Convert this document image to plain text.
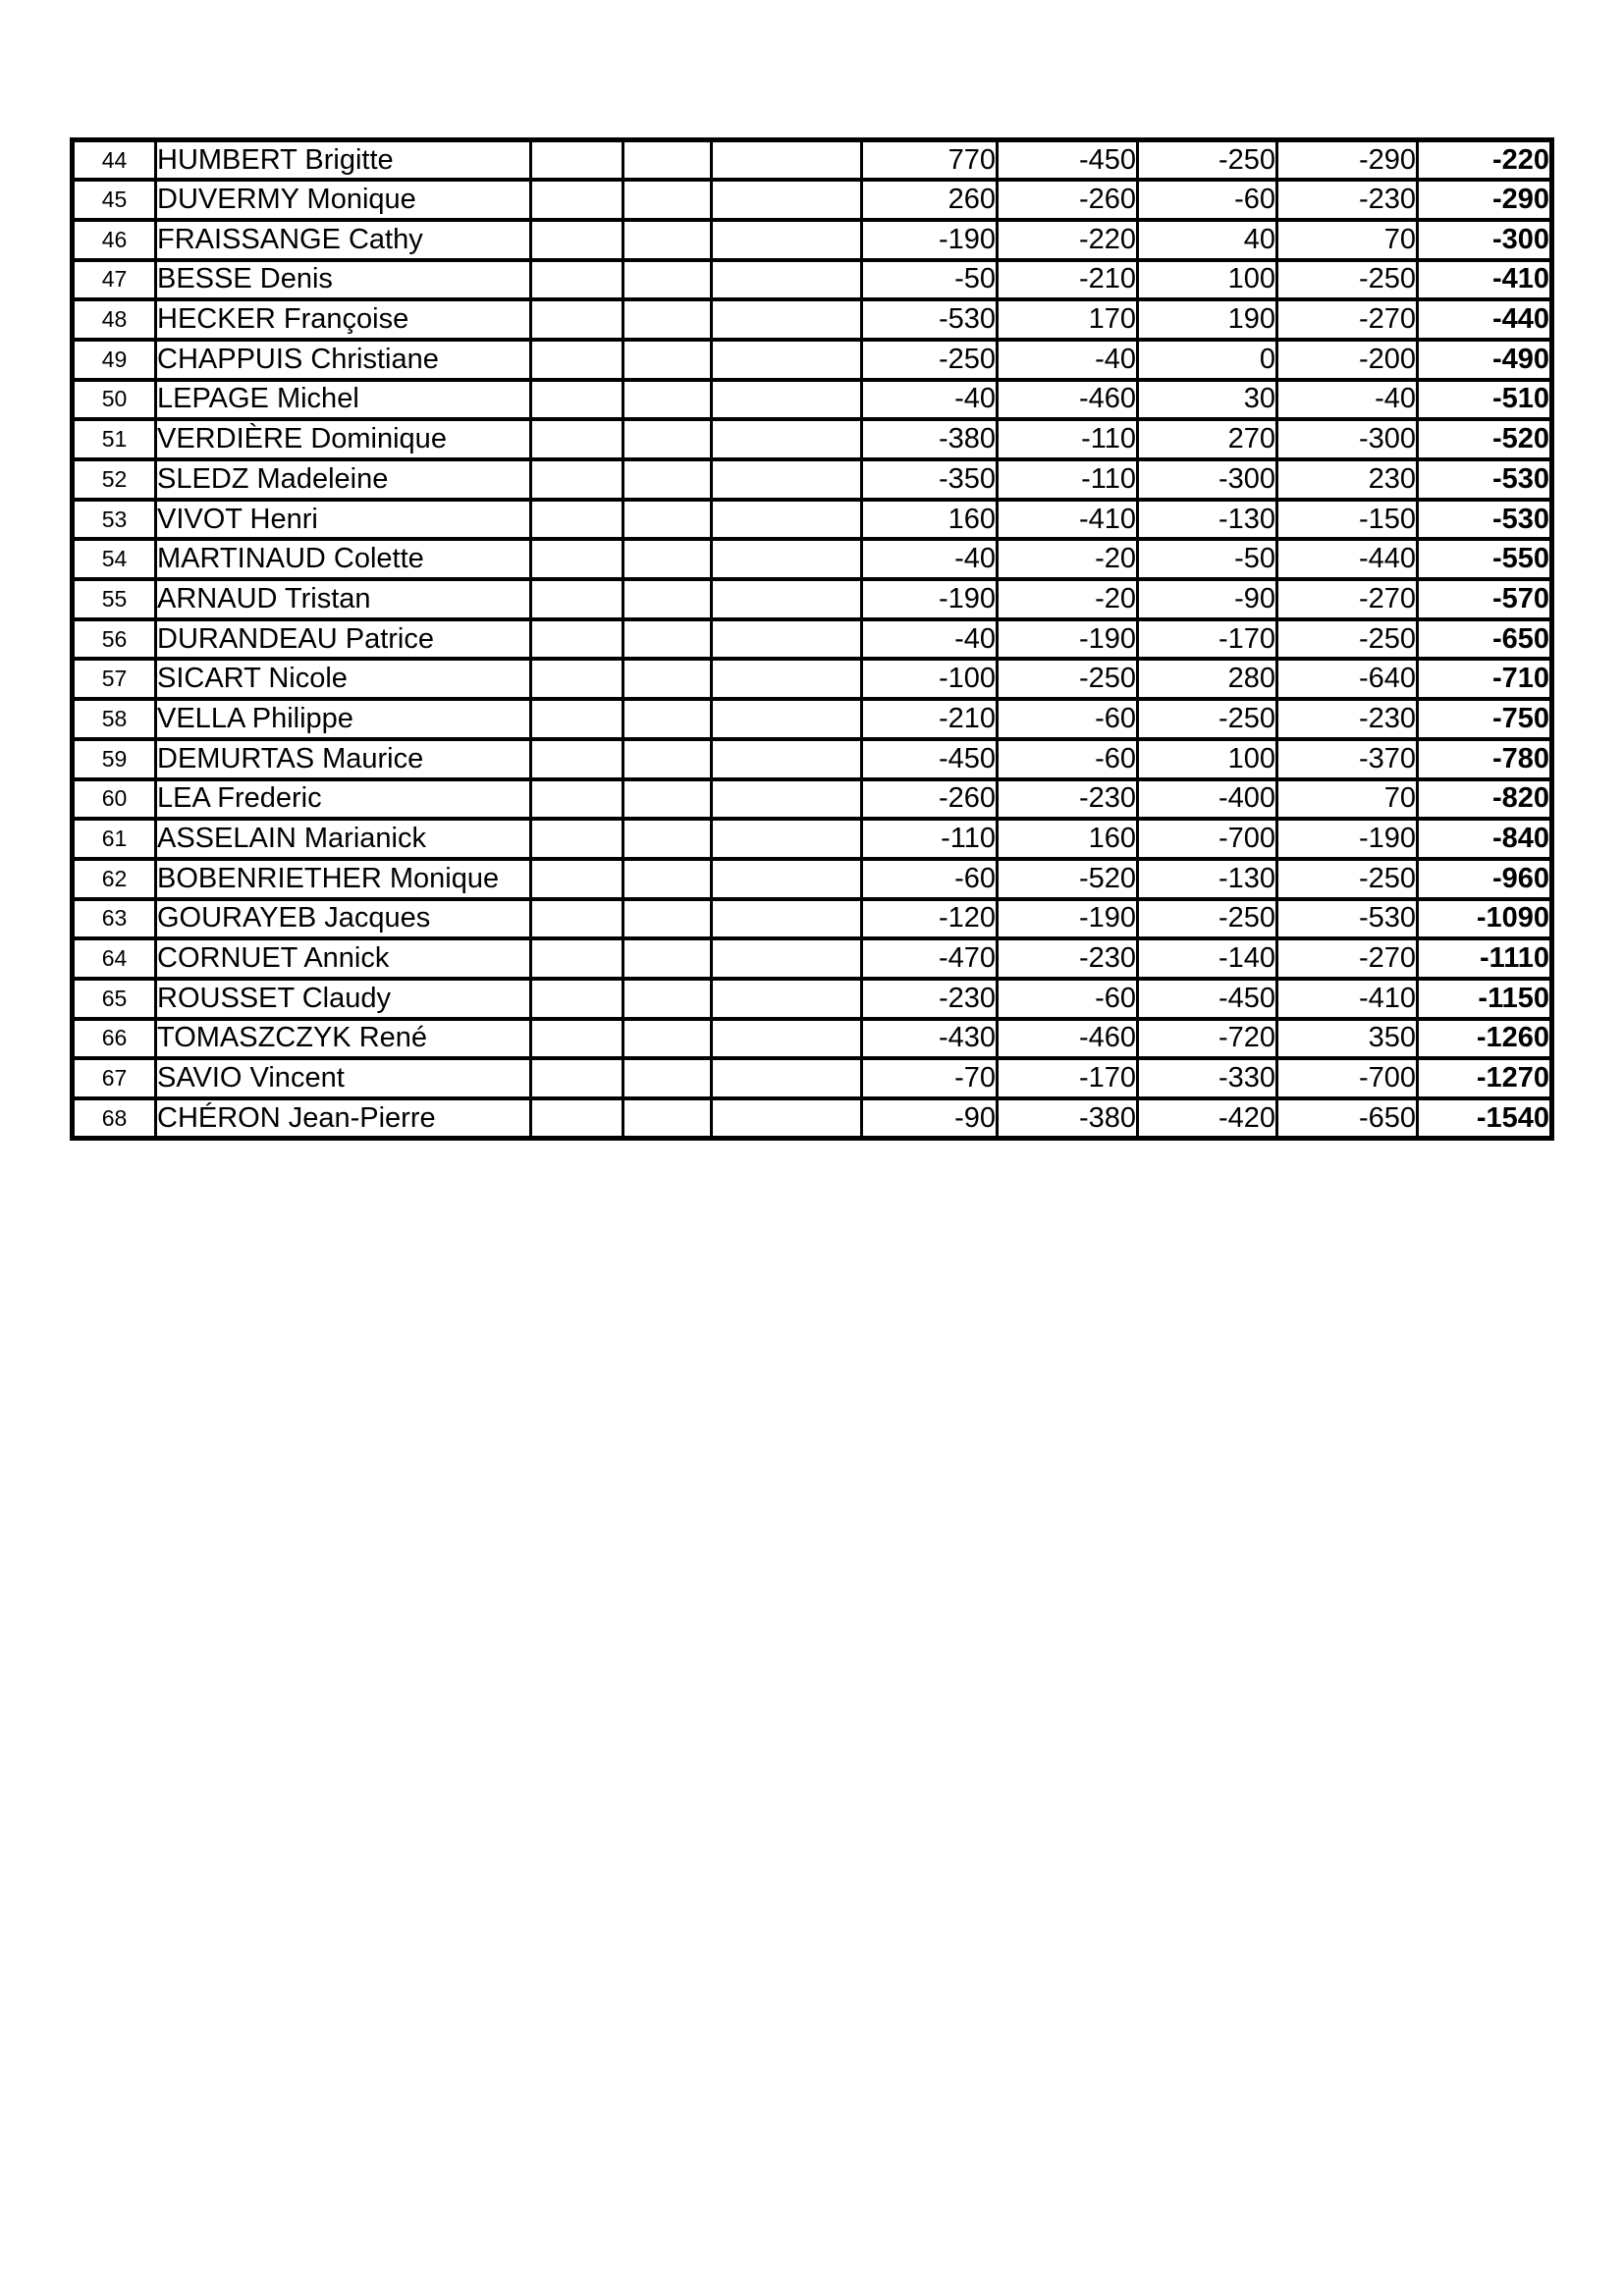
44	HUMBERT Brigitte				770	-450	-250	-290	-220
45	DUVERMY Monique				260	-260	-60	-230	-290
46	FRAISSANGE Cathy				-190	-220	40	70	-300
47	BESSE Denis				-50	-210	100	-250	-410
48	HECKER Françoise				-530	170	190	-270	-440
49	CHAPPUIS Christiane				-250	-40	0	-200	-490
50	LEPAGE Michel				-40	-460	30	-40	-510
51	VERDIÈRE Dominique				-380	-110	270	-300	-520
52	SLEDZ Madeleine				-350	-110	-300	230	-530
53	VIVOT Henri				160	-410	-130	-150	-530
54	MARTINAUD Colette				-40	-20	-50	-440	-550
55	ARNAUD Tristan				-190	-20	-90	-270	-570
56	DURANDEAU Patrice				-40	-190	-170	-250	-650
57	SICART Nicole				-100	-250	280	-640	-710
58	VELLA Philippe				-210	-60	-250	-230	-750
59	DEMURTAS Maurice				-450	-60	100	-370	-780
60	LEA Frederic				-260	-230	-400	70	-820
61	ASSELAIN Marianick				-110	160	-700	-190	-840
62	BOBENRIETHER Monique				-60	-520	-130	-250	-960
63	GOURAYEB Jacques				-120	-190	-250	-530	-1090
64	CORNUET Annick				-470	-230	-140	-270	-1110
65	ROUSSET Claudy				-230	-60	-450	-410	-1150
66	TOMASZCZYK René				-430	-460	-720	350	-1260
67	SAVIO Vincent				-70	-170	-330	-700	-1270
68	CHÉRON Jean-Pierre				-90	-380	-420	-650	-1540
